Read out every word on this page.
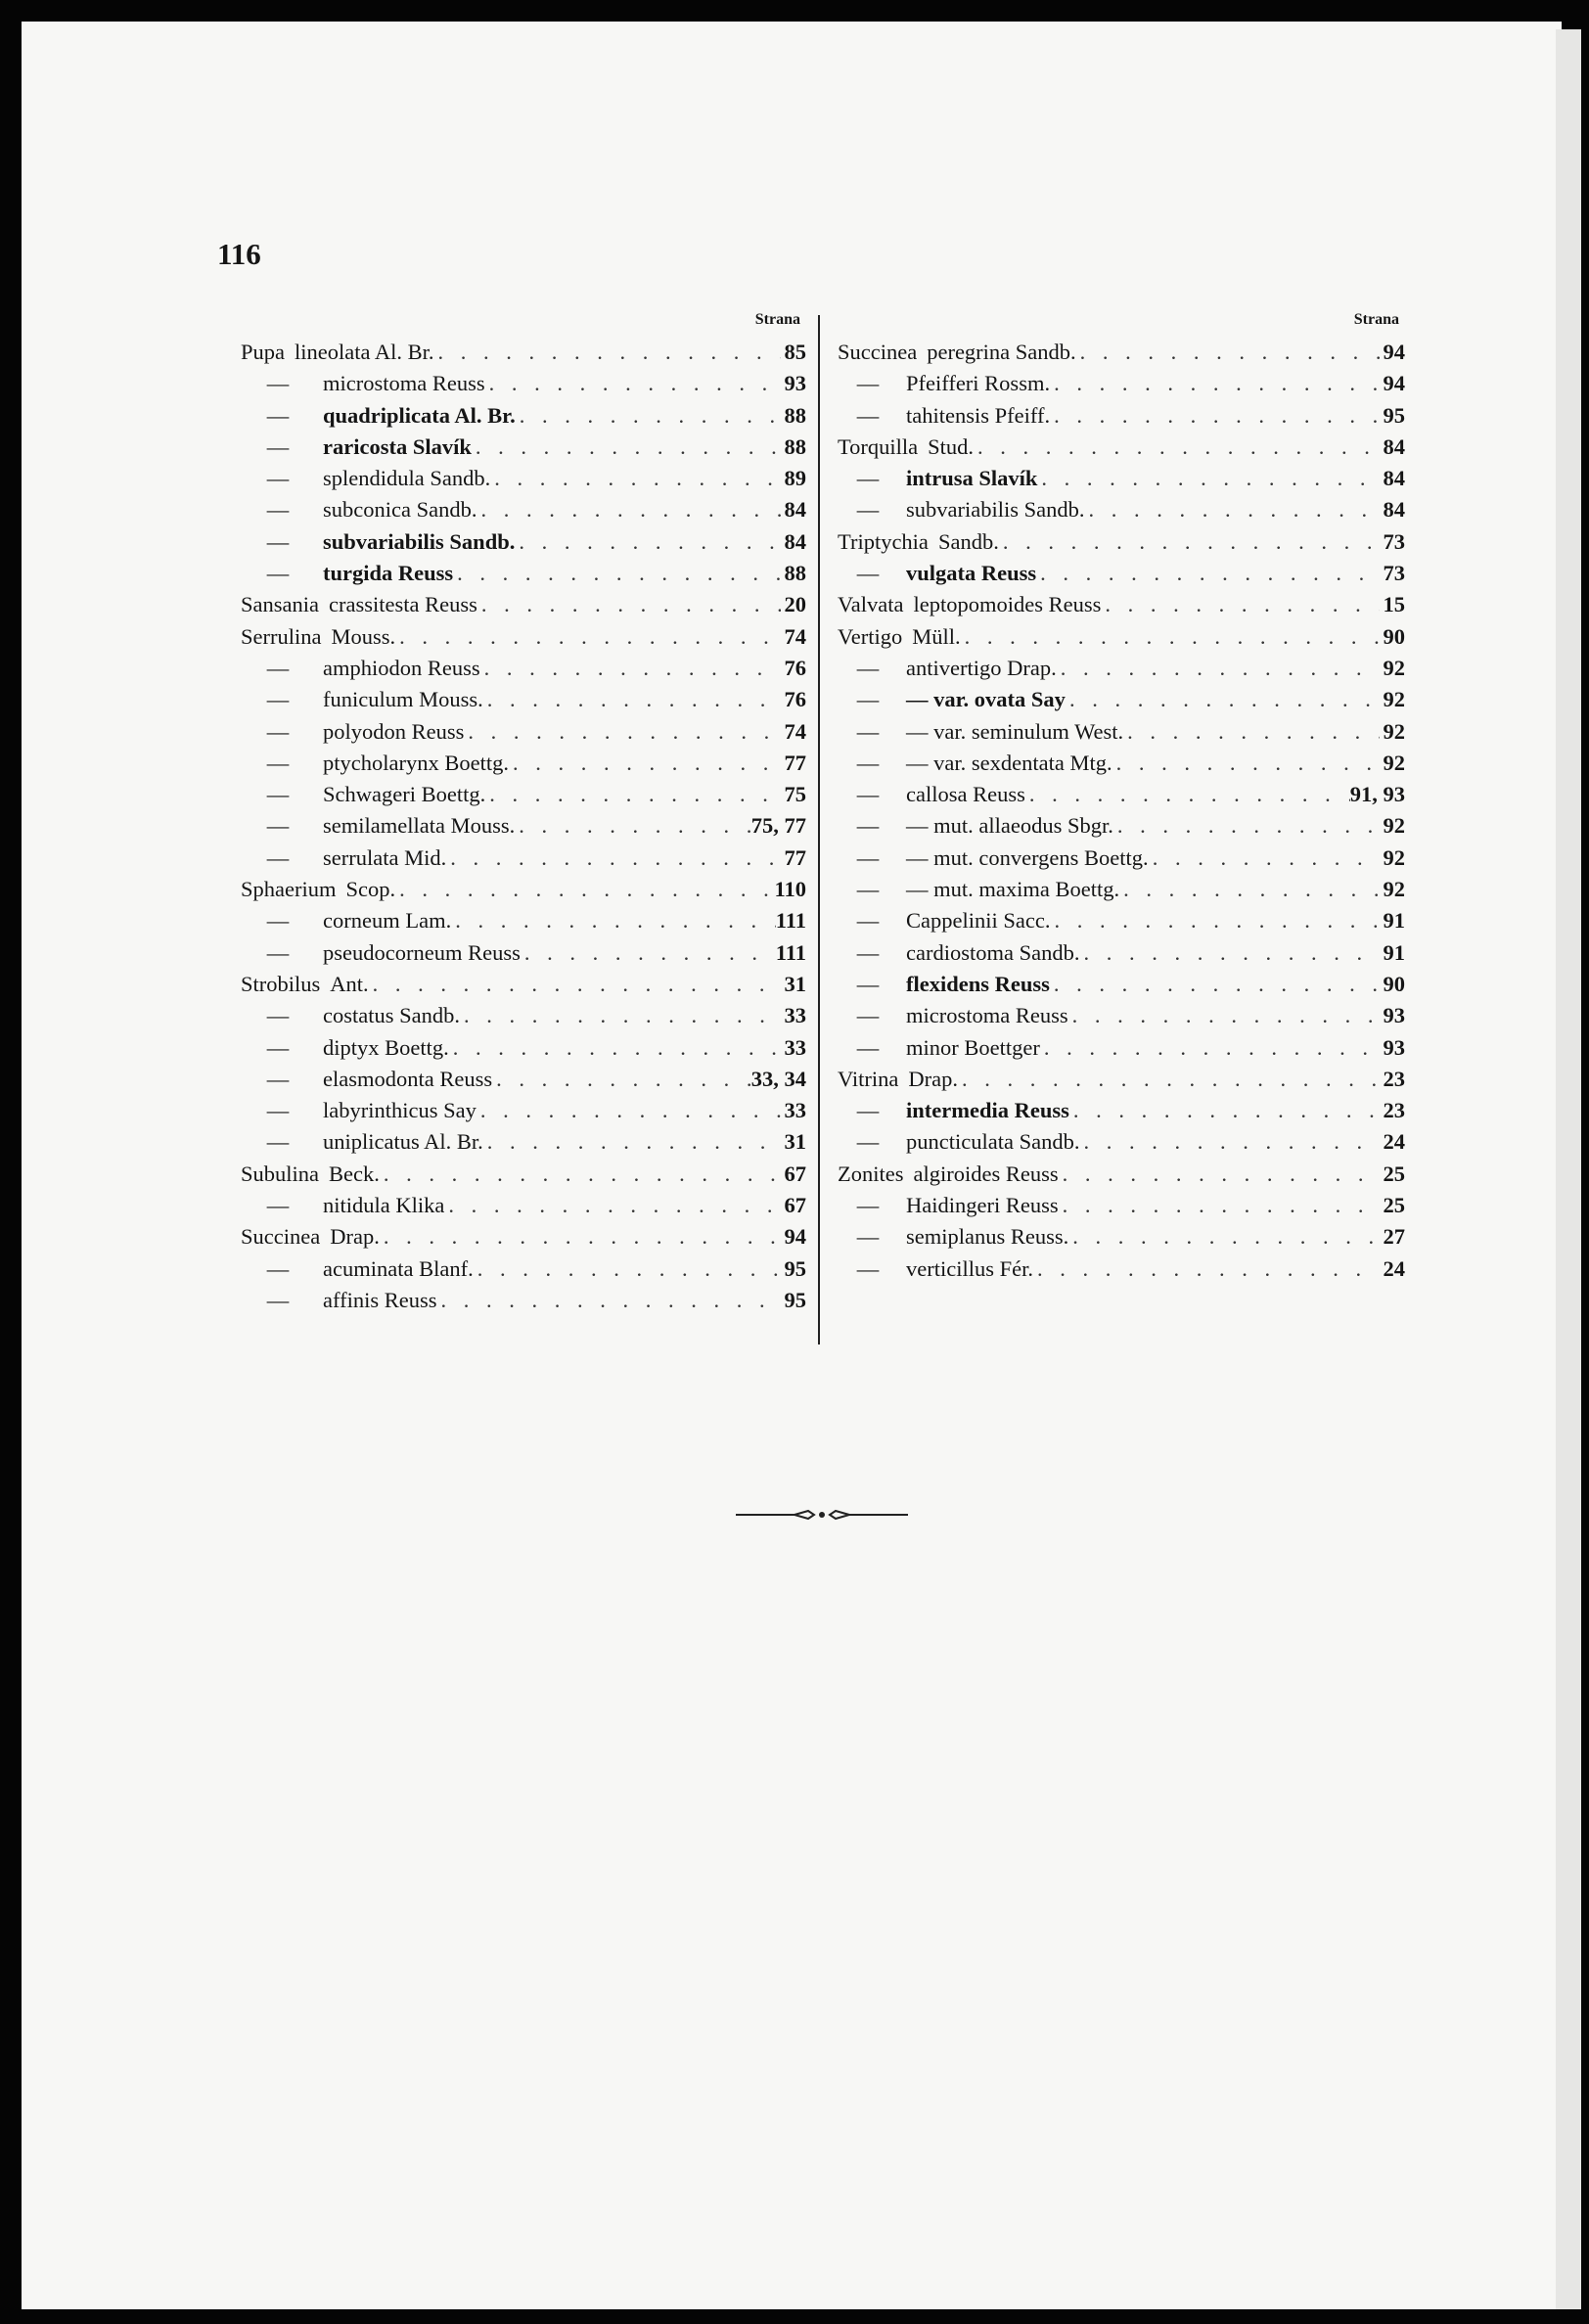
116
Strana
Pupa lineolata Al. Br. . . .	85
—	microstoma Reuss . . .	93
—	quadriplicata Al. Br. . . .	88
—	raricosta Slavík . . .	88
—	splendidula Sandb. . . .	89
—	subconica Sandb. . . .	84
—	subvariabilis Sandb. . . .	84
—	turgida Reuss . . .	88
Sansania crassitesta Reuss . . .	20
Serrulina Mouss. . . .	74
—	amphiodon Reuss . . .	76
—	funiculum Mouss. . . .	76
—	polyodon Reuss . . .	74
—	ptycholarynx Boettg. . . .	77
—	Schwageri Boettg. . . .	75
—	semilamellata Mouss. . . .	75, 77
—	serrulata Mid. . . .	77
Sphaerium Scop. . . .	110
—	corneum Lam. . . .	111
—	pseudocorneum Reuss . . .	111
Strobilus Ant. . . .	31
—	costatus Sandb. . . .	33
—	diptyx Boettg. . . .	33
—	elasmodonta Reuss . . .	33, 34
—	labyrinthicus Say . . .	33
—	uniplicatus Al. Br. . . .	31
Subulina Beck. . . .	67
—	nitidula Klika . . .	67
Succinea Drap. . . .	94
—	acuminata Blanf. . . .	95
—	affinis Reuss . . .	95
Strana
Succinea peregrina Sandb. . . .	94
—	Pfeifferi Rossm. . . .	94
—	tahitensis Pfeiff. . . .	95
Torquilla Stud. . . .	84
—	intrusa Slavík . . .	84
—	subvariabilis Sandb. . . .	84
Triptychia Sandb. . . .	73
—	vulgata Reuss . . .	73
Valvata leptopomoides Reuss . . .	15
Vertigo Müll. . . .	90
—	antivertigo Drap. . . .	92
—	— var. ovata Say . . .	92
—	— var. seminulum West. . . .	92
—	— var. sexdentata Mtg. . . .	92
—	callosa Reuss . . .	91, 93
—	— mut. allaeodus Sbgr. . . .	92
—	— mut. convergens Boettg. . . .	92
—	— mut. maxima Boettg. . . .	92
—	Cappelinii Sacc. . . .	91
—	cardiostoma Sandb. . . .	91
—	flexidens Reuss . . .	90
—	microstoma Reuss . . .	93
—	minor Boettger . . .	93
Vitrina Drap. . . .	23
—	intermedia Reuss . . .	23
—	puncticulata Sandb. . . .	24
Zonites algiroides Reuss . . .	25
—	Haidingeri Reuss . . .	25
—	semiplanus Reuss. . . .	27
—	verticillus Fér. . . .	24
